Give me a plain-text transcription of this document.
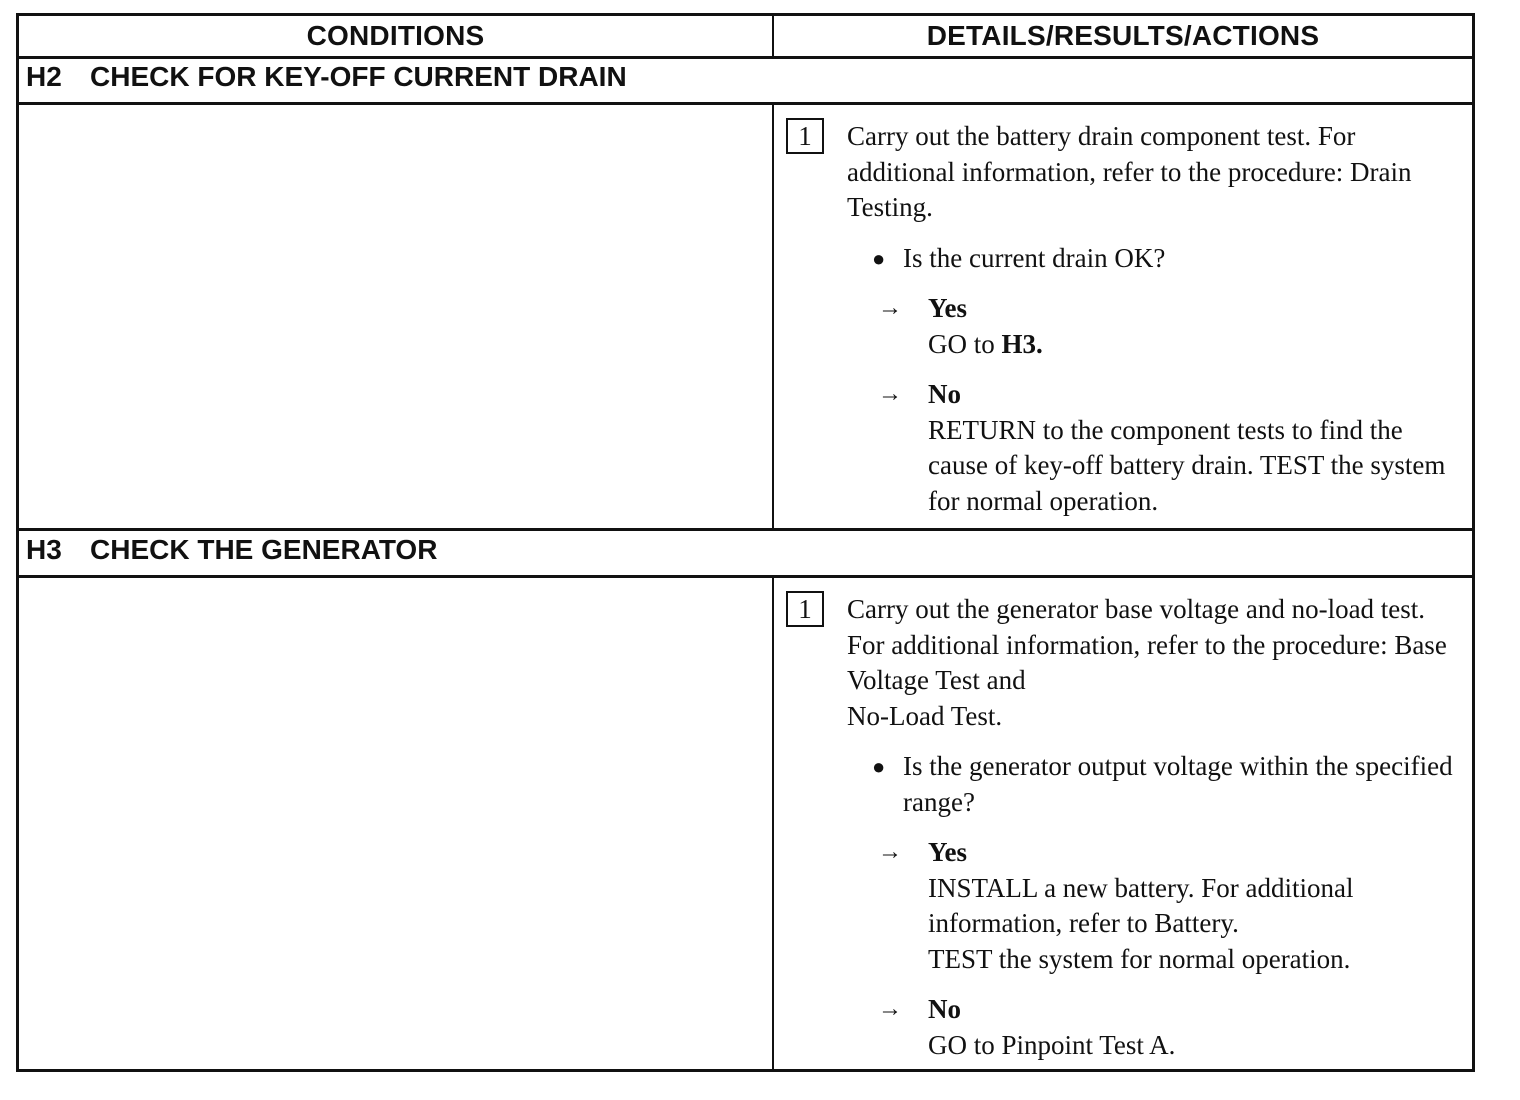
CONDITIONS	DETAILS/RESULTS/ACTIONS
H2 CHECK FOR KEY-OFF CURRENT DRAIN
1	Carry out the battery drain component test. For additional information, refer to the procedure: Drain Testing.
● Is the current drain OK?
→ Yes
GO to H3.
→ No
RETURN to the component tests to find the cause of key-off battery drain. TEST the system for normal operation.
H3 CHECK THE GENERATOR
1	Carry out the generator base voltage and no-load test. For additional information, refer to the procedure: Base Voltage Test and
No-Load Test.
● Is the generator output voltage within the specified range?
→ Yes
INSTALL a new battery. For additional information, refer to Battery.
TEST the system for normal operation.
→ No
GO to Pinpoint Test A.
